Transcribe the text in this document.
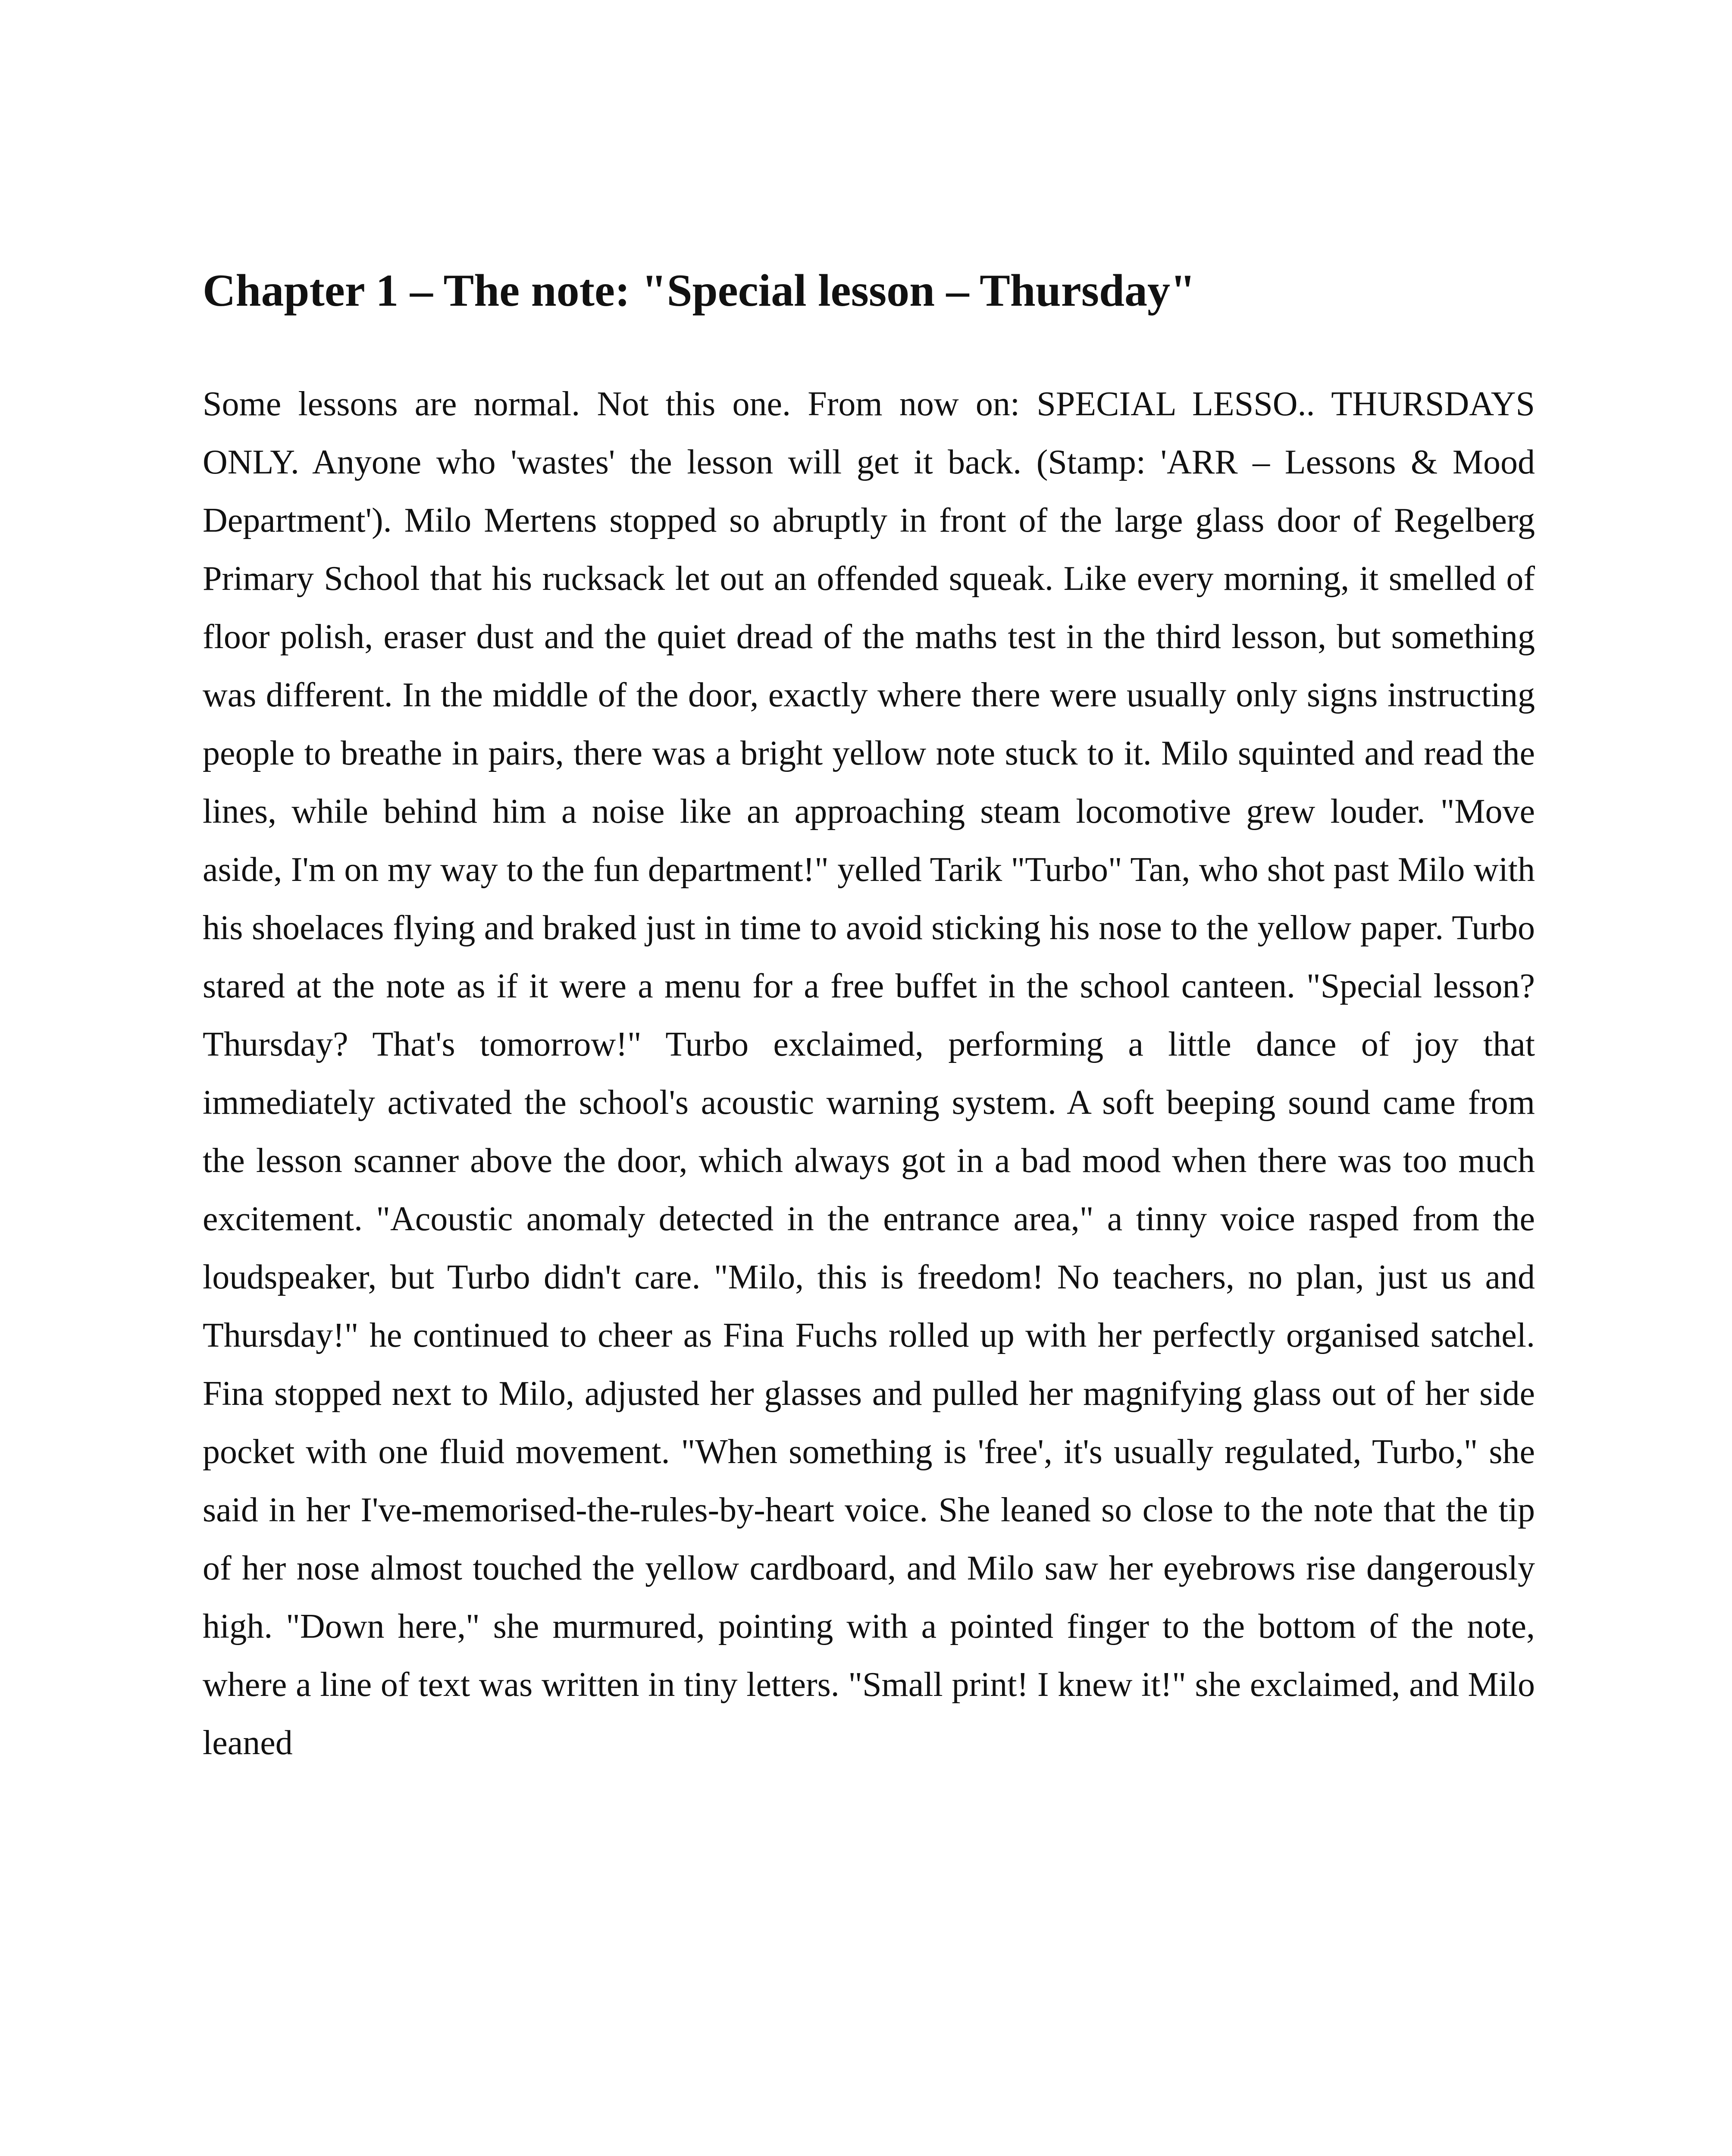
Chapter 1 – The note: "Special lesson – Thursday"

Some lessons are normal. Not this one. From now on: SPECIAL LESSO.. THURSDAYS ONLY. Anyone who 'wastes' the lesson will get it back. (Stamp: 'ARR – Lessons & Mood Department'). Milo Mertens stopped so abruptly in front of the large glass door of Regelberg Primary School that his rucksack let out an offended squeak. Like every morning, it smelled of floor polish, eraser dust and the quiet dread of the maths test in the third lesson, but something was different. In the middle of the door, exactly where there were usually only signs instructing people to breathe in pairs, there was a bright yellow note stuck to it. Milo squinted and read the lines, while behind him a noise like an approaching steam locomotive grew louder. "Move aside, I'm on my way to the fun department!" yelled Tarik "Turbo" Tan, who shot past Milo with his shoelaces flying and braked just in time to avoid sticking his nose to the yellow paper. Turbo stared at the note as if it were a menu for a free buffet in the school canteen. "Special lesson? Thursday? That's tomorrow!" Turbo exclaimed, performing a little dance of joy that immediately activated the school's acoustic warning system. A soft beeping sound came from the lesson scanner above the door, which always got in a bad mood when there was too much excitement. "Acoustic anomaly detected in the entrance area," a tinny voice rasped from the loudspeaker, but Turbo didn't care. "Milo, this is freedom! No teachers, no plan, just us and Thursday!" he continued to cheer as Fina Fuchs rolled up with her perfectly organised satchel. Fina stopped next to Milo, adjusted her glasses and pulled her magnifying glass out of her side pocket with one fluid movement. "When something is 'free', it's usually regulated, Turbo," she said in her I've-memorised-the-rules-by-heart voice. She leaned so close to the note that the tip of her nose almost touched the yellow cardboard, and Milo saw her eyebrows rise dangerously high. "Down here," she murmured, pointing with a pointed finger to the bottom of the note, where a line of text was written in tiny letters. "Small print! I knew it!" she exclaimed, and Milo leaned
